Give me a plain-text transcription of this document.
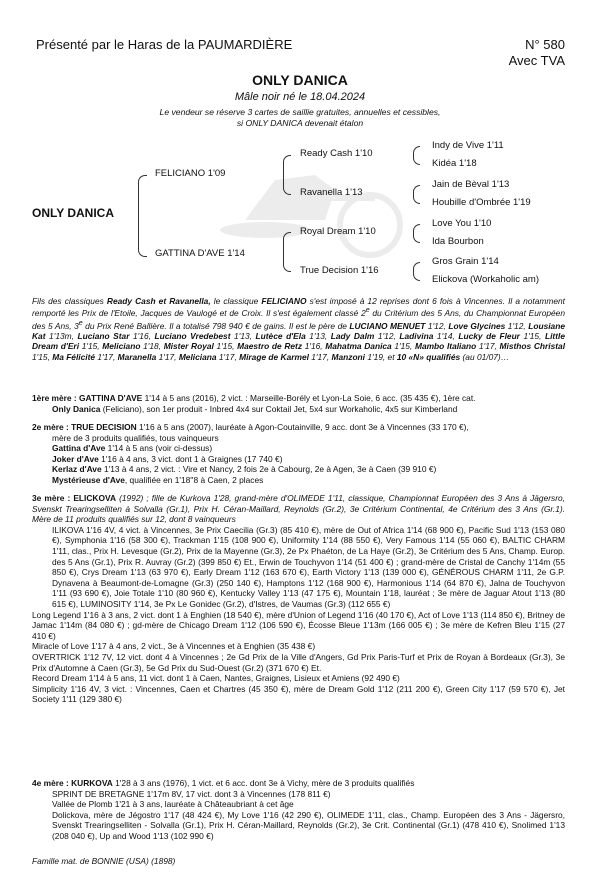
Présenté par le Haras de la PAUMARDIÈRE	N° 580
Avec TVA
ONLY DANICA
Mâle noir né le 18.04.2024
Le vendeur se réserve 3 cartes de saillie gratuites, annuelles et cessibles,
si ONLY DANICA devenait étalon
ONLY DANICA
FELICIANO 1'09
GATTINA D'AVE 1'14
Ready Cash 1'10
Ravanella 1'13
Royal Dream 1'10
True Decision 1'16
Indy de Vive 1'11
Kidéa 1'18
Jain de Bèval 1'13
Houbille d'Ombrée 1'19
Love You 1'10
Ida Bourbon
Gros Grain 1'14
Elickova (Workaholic am)
Fils des classiques Ready Cash et Ravanella, le classique FELICIANO s'est imposé à 12 reprises dont 6 fois à Vincennes. Il a notamment remporté les Prix de l'Etoile, Jacques de Vaulogé et de Croix. Il s'est également classé 2e du Critérium des 5 Ans, du Championnat Européen des 5 Ans, 3e du Prix René Ballière. Il a totalisé 798 940 € de gains. Il est le père de LUCIANO MENUET 1'12, Love Glycines 1'12, Lousiane Kat 1'13m, Luciano Star 1'16, Luciano Vredebest 1'13, Lutèce d'Ela 1'13, Lady Dalm 1'12, Ladivina 1'14, Lucky de Fleur 1'15, Little Dream d'Eri 1'15, Meliciano 1'18, Mister Royal 1'15, Maestro de Retz 1'16, Mahatma Danica 1'15, Mambo Italiano 1'17, Misthos Christal 1'15, Ma Félicité 1'17, Maranella 1'17, Meliciana 1'17, Mirage de Karmel 1'17, Manzoni 1'19, et 10 «N» qualifiés (au 01/07)…

1ère mère : GATTINA D'AVE 1'14 à 5 ans (2016), 2 vict. : Marseille-Borély et Lyon-La Soie, 6 acc. (35 435 €), 1ère cat.

Only Danica (Feliciano), son 1er produit - Inbred 4x4 sur Coktail Jet, 5x4 sur Workaholic, 4x5 sur Kimberland

2e mère : TRUE DECISION 1'16 à 5 ans (2007), lauréate à Agon-Coutainville, 9 acc. dont 3e à Vincennes (33 170 €),

mère de 3 produits qualifiés, tous vainqueurs

Gattina d'Ave 1'14 à 5 ans (voir ci-dessus)

Joker d'Ave 1'16 à 4 ans, 3 vict. dont 1 à Graignes (17 740 €)

Kerlaz d'Ave 1'13 à 4 ans, 2 vict. : Vire et Nancy, 2 fois 2e à Cabourg, 2e à Agen, 3e à Caen (39 910 €)

Mystérieuse d'Ave, qualifiée en 1'18''8 à Caen, 2 places

3e mère : ELICKOVA (1992) ; fille de Kurkova 1'28, grand-mère d'OLIMEDE 1'11, classique, Championnat Européen des 3 Ans à Jägersro, Svenskt Trearingselliten à Solvalla (Gr.1), Prix H. Céran-Maillard, Reynolds (Gr.2), 3e Critérium Continental, 4e Critérium des 3 Ans (Gr.1). Mère de 11 produits qualifiés sur 12, dont 8 vainqueurs

ILIKOVA 1'16 4V, 4 vict. à Vincennes, 3e Prix Caecilia (Gr.3) (85 410 €), mère de Out of Africa 1'14 (68 900 €), Pacific Sud 1'13 (153 080 €), Symphonia 1'16 (58 300 €), Trackman 1'15 (108 900 €), Uniformity 1'14 (88 550 €), Very Famous 1'14 (55 060 €), BALTIC CHARM 1'11, clas., Prix H. Levesque (Gr.2), Prix de la Mayenne (Gr.3), 2e Px Phaéton, de La Haye (Gr.2), 3e Critérium des 5 Ans, Champ. Europ. des 5 Ans (Gr.1), Prix R. Auvray (Gr.2) (399 850 €) Et., Erwin de Touchyvon 1'14 (51 400 €) ; grand-mère de Cristal de Canchy 1'14m (55 850 €), Crys Dream 1'13 (63 970 €), Early Dream 1'12 (163 670 €), Earth Victory 1'13 (139 000 €), GÉNÉROUS CHARM 1'11, 2e G.P. Dynavena à Beaumont-de-Lomagne (Gr.3) (250 140 €), Hamptons 1'12 (168 900 €), Harmonious 1'14 (64 870 €), Jalna de Touchyvon 1'11 (93 690 €), Joie Totale 1'10 (80 960 €), Kentucky Valley 1'13 (47 175 €), Mountain 1'18, lauréat ; 3e mère de Jaguar Atout 1'13 (80 615 €), LUMINOSITY 1'14, 3e Px Le Gonidec (Gr.2), d'Istres, de Vaumas (Gr.3) (112 655 €)

Long Legend 1'16 à 3 ans, 2 vict. dont 1 à Enghien (18 540 €), mère d'Union of Legend 1'16 (40 170 €), Act of Love 1'13 (114 850 €), Britney de Jamac 1'14m (84 080 €) ; gd-mère de Chicago Dream 1'12 (106 590 €), Écosse Bleue 1'13m (166 005 €) ; 3e mère de Kefren Bleu 1'15 (27 410 €)

Miracle of Love 1'17 à 4 ans, 2 vict., 3e à Vincennes et à Enghien (35 438 €)

OVERTRICK 1'12 7V, 12 vict. dont 4 à Vincennes ; 2e Gd Prix de la Ville d'Angers, Gd Prix Paris-Turf et Prix de Royan à Bordeaux (Gr.3), 3e Prix d'Automne à Caen (Gr.3), 5e Gd Prix du Sud-Ouest (Gr.2) (371 670 €) Et.

Record Dream 1'14 à 5 ans, 11 vict. dont 1 à Caen, Nantes, Graignes, Lisieux et Amiens (92 490 €)

Simplicity 1'16 4V, 3 vict. : Vincennes, Caen et Chartres (45 350 €), mère de Dream Gold 1'12 (211 200 €), Green City 1'17 (59 570 €), Jet Society 1'11 (129 380 €)

4e mère : KURKOVA 1'28 à 3 ans (1976), 1 vict. et 6 acc. dont 3e à Vichy, mère de 3 produits qualifiés

SPRINT DE BRETAGNE 1'17m 8V, 17 vict. dont 3 à Vincennes (178 811 €)

Vallée de Plomb 1'21 à 3 ans, lauréate à Châteaubriant à cet âge

Dolickova, mère de Jégostro 1'17 (48 424 €), My Love 1'16 (42 290 €), OLIMEDE 1'11, clas., Champ. Européen des 3 Ans - Jägersro, Svenskt Trearingselliten - Solvalla (Gr.1), Prix H. Céran-Maillard, Reynolds (Gr.2), 3e Crit. Continental (Gr.1) (478 410 €), Snolimed 1'13 (208 040 €), Up and Wood 1'13 (102 990 €)

Famille mat. de BONNIE (USA) (1898)
